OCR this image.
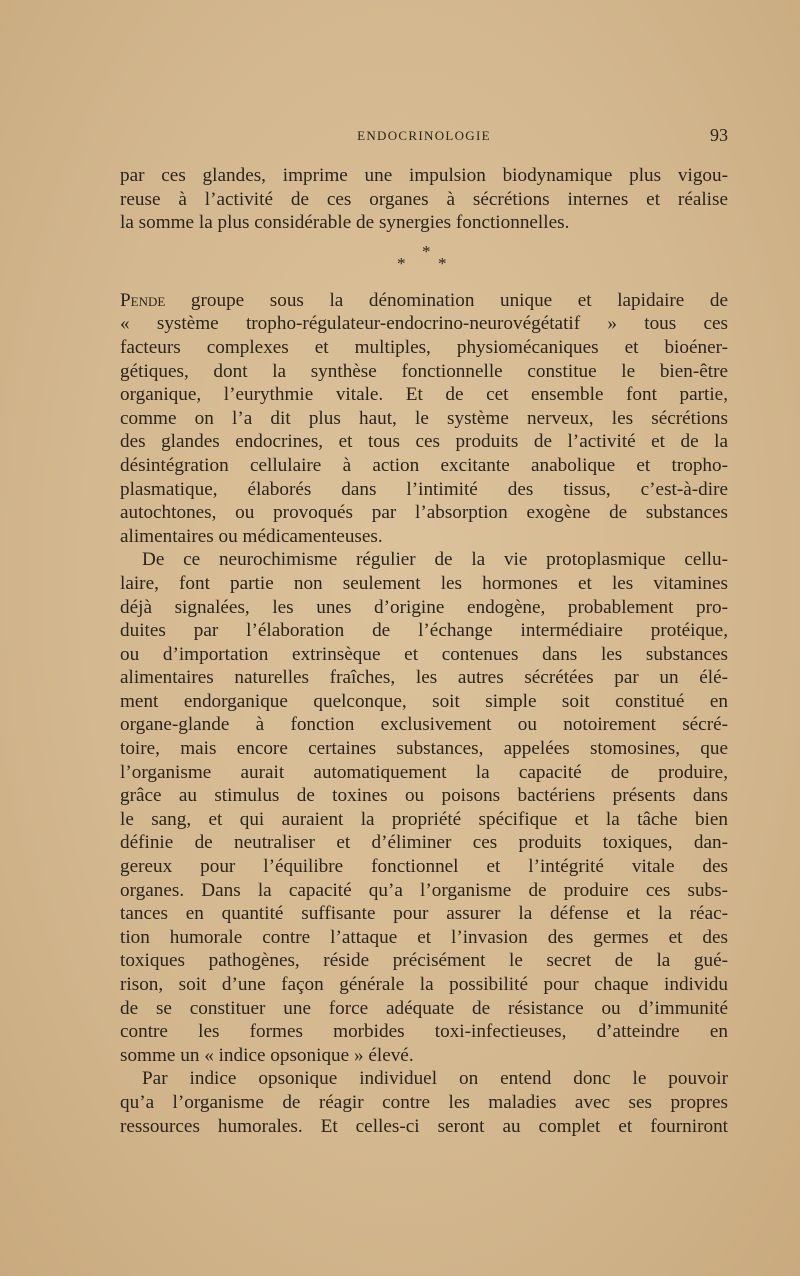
ENDOCRINOLOGIE	93
par ces glandes, imprime une impulsion biodynamique plus vigou-
reuse à l’activité de ces organes à sécrétions internes et réalise
la somme la plus considérable de synergies fonctionnelles.
*
*
*
Pende groupe sous la dénomination unique et lapidaire de
« système tropho-régulateur-endocrino-neurovégétatif » tous ces
facteurs complexes et multiples, physiomécaniques et bioéner-
gétiques, dont la synthèse fonctionnelle constitue le bien-être
organique, l’eurythmie vitale. Et de cet ensemble font partie,
comme on l’a dit plus haut, le système nerveux, les sécrétions
des glandes endocrines, et tous ces produits de l’activité et de la
désintégration cellulaire à action excitante anabolique et tropho-
plasmatique, élaborés dans l’intimité des tissus, c’est-à-dire
autochtones, ou provoqués par l’absorption exogène de substances
alimentaires ou médicamenteuses.
De ce neurochimisme régulier de la vie protoplasmique cellu-
laire, font partie non seulement les hormones et les vitamines
déjà signalées, les unes d’origine endogène, probablement pro-
duites par l’élaboration de l’échange intermédiaire protéique,
ou d’importation extrinsèque et contenues dans les substances
alimentaires naturelles fraîches, les autres sécrétées par un élé-
ment endorganique quelconque, soit simple soit constitué en
organe-glande à fonction exclusivement ou notoirement sécré-
toire, mais encore certaines substances, appelées stomosines, que
l’organisme aurait automatiquement la capacité de produire,
grâce au stimulus de toxines ou poisons bactériens présents dans
le sang, et qui auraient la propriété spécifique et la tâche bien
définie de neutraliser et d’éliminer ces produits toxiques, dan-
gereux pour l’équilibre fonctionnel et l’intégrité vitale des
organes. Dans la capacité qu’a l’organisme de produire ces subs-
tances en quantité suffisante pour assurer la défense et la réac-
tion humorale contre l’attaque et l’invasion des germes et des
toxiques pathogènes, réside précisément le secret de la gué-
rison, soit d’une façon générale la possibilité pour chaque individu
de se constituer une force adéquate de résistance ou d’immunité
contre les formes morbides toxi-infectieuses, d’atteindre en
somme un « indice opsonique » élevé.
Par indice opsonique individuel on entend donc le pouvoir
qu’a l’organisme de réagir contre les maladies avec ses propres
ressources humorales. Et celles-ci seront au complet et fourniront
